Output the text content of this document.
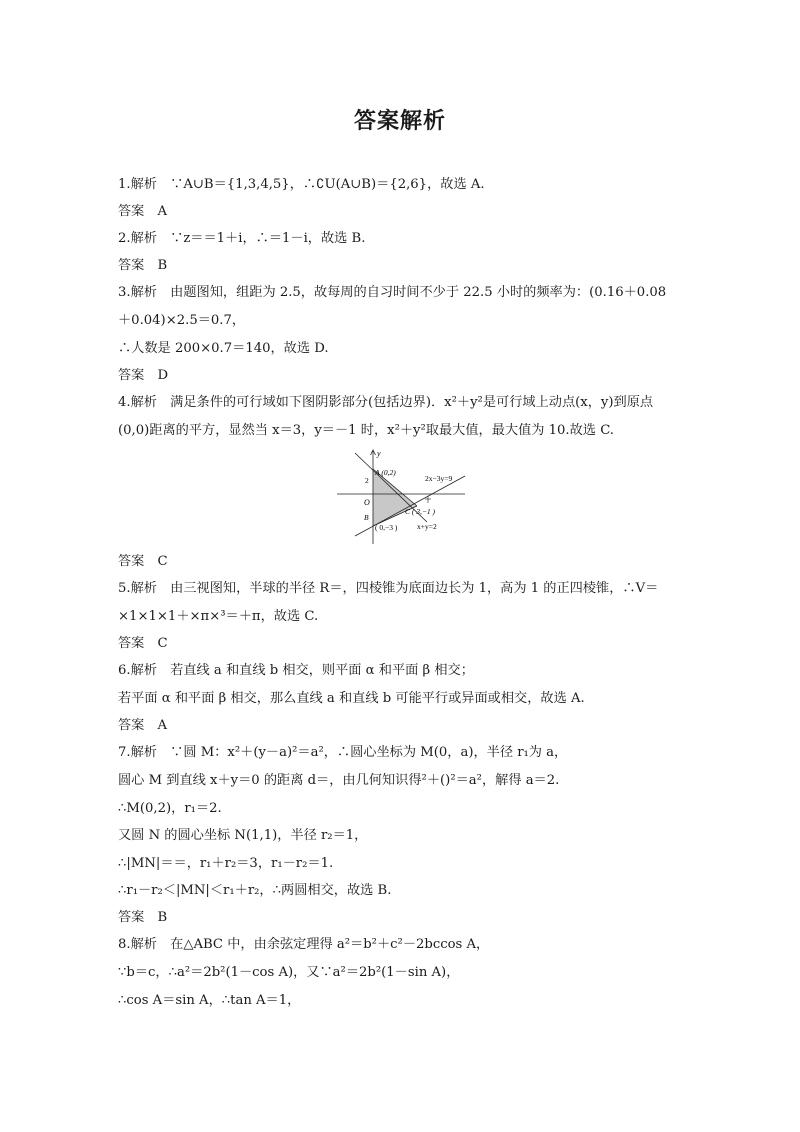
答案解析
1.解析　∵A∪B＝{1,3,4,5}，∴∁U(A∪B)＝{2,6}，故选 A.
答案　A
2.解析　∵z＝＝1＋i，∴＝1－i，故选 B.
答案　B
3.解析　由题图知，组距为 2.5，故每周的自习时间不少于 22.5 小时的频率为：(0.16＋0.08
＋0.04)×2.5＝0.7，
∴人数是 200×0.7＝140，故选 D.
答案　D
4.解析　满足条件的可行域如下图阴影部分(包括边界)．x²＋y²是可行域上动点(x，y)到原点
(0,0)距离的平方，显然当 x＝3，y＝－1 时，x²＋y²取最大值，最大值为 10.故选 C.
y
A (0,2)
2
O
B
( 0,−3 )
C ( 3,−1 )
2x−3y=9
x+y=2
答案　C
5.解析　由三视图知，半球的半径 R＝，四棱锥为底面边长为 1，高为 1 的正四棱锥，∴V＝
×1×1×1＋×π×³＝＋π，故选 C.
答案　C
6.解析　若直线 a 和直线 b 相交，则平面 α 和平面 β 相交；
若平面 α 和平面 β 相交，那么直线 a 和直线 b 可能平行或异面或相交，故选 A.
答案　A
7.解析　∵圆 M：x²＋(y－a)²＝a²，∴圆心坐标为 M(0，a)，半径 r₁为 a，
圆心 M 到直线 x＋y＝0 的距离 d＝，由几何知识得²＋()²＝a²，解得 a＝2.
∴M(0,2)，r₁＝2.
又圆 N 的圆心坐标 N(1,1)，半径 r₂＝1，
∴|MN|＝＝，r₁＋r₂＝3，r₁－r₂＝1.
∴r₁－r₂＜|MN|＜r₁＋r₂，∴两圆相交，故选 B.
答案　B
8.解析　在△ABC 中，由余弦定理得 a²＝b²＋c²－2bccos A，
∵b＝c，∴a²＝2b²(1－cos A)，又∵a²＝2b²(1－sin A)，
∴cos A＝sin A，∴tan A＝1，
